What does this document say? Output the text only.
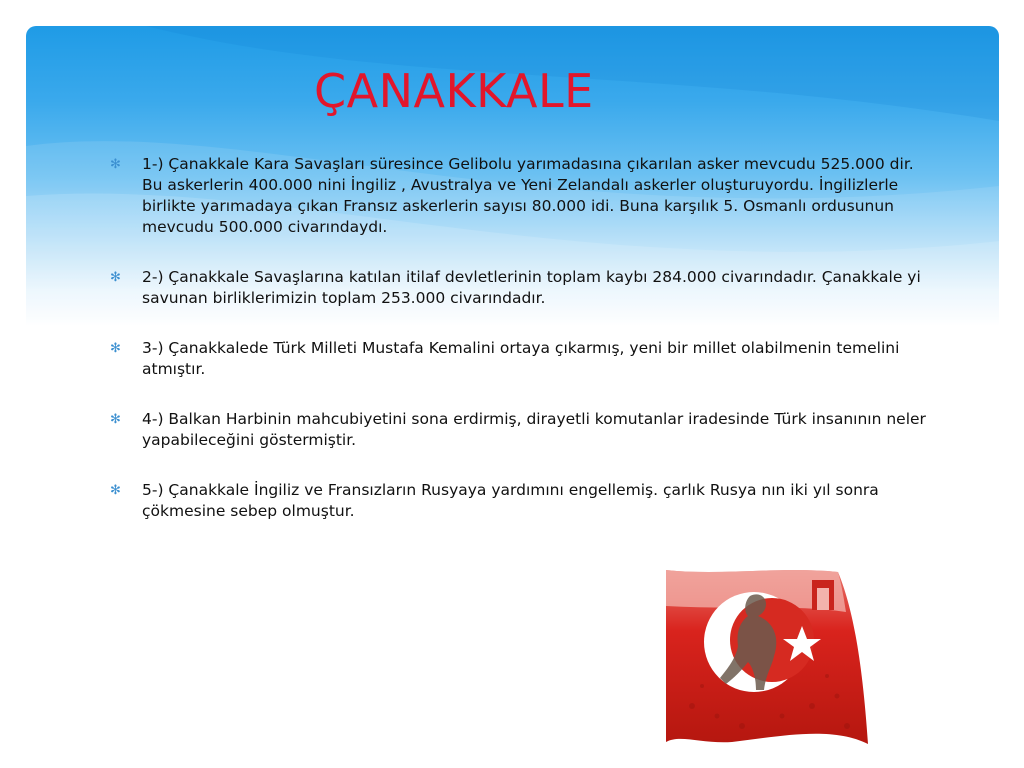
ÇANAKKALE
✻ 1-) Çanakkale Kara Savaşları süresince Gelibolu yarımadasına çıkarılan asker mevcudu 525.000 dir. Bu askerlerin 400.000 nini İngiliz , Avustralya ve Yeni Zelandalı askerler oluşturuyordu. İngilizlerle birlikte yarımadaya çıkan Fransız askerlerin sayısı 80.000 idi. Buna karşılık 5. Osmanlı ordusunun mevcudu 500.000 civarındaydı.
✻ 2-) Çanakkale Savaşlarına katılan itilaf devletlerinin toplam kaybı 284.000 civarındadır. Çanakkale yi savunan birliklerimizin toplam 253.000 civarındadır.
✻ 3-) Çanakkalede Türk Milleti Mustafa Kemalini ortaya çıkarmış, yeni bir millet olabilmenin temelini atmıştır.
✻ 4-) Balkan Harbinin mahcubiyetini sona erdirmiş, dirayetli komutanlar iradesinde Türk insanının neler yapabileceğini göstermiştir.
✻ 5-) Çanakkale İngiliz ve Fransızların Rusyaya yardımını engellemiş. çarlık Rusya nın iki yıl sonra çökmesine sebep olmuştur.
